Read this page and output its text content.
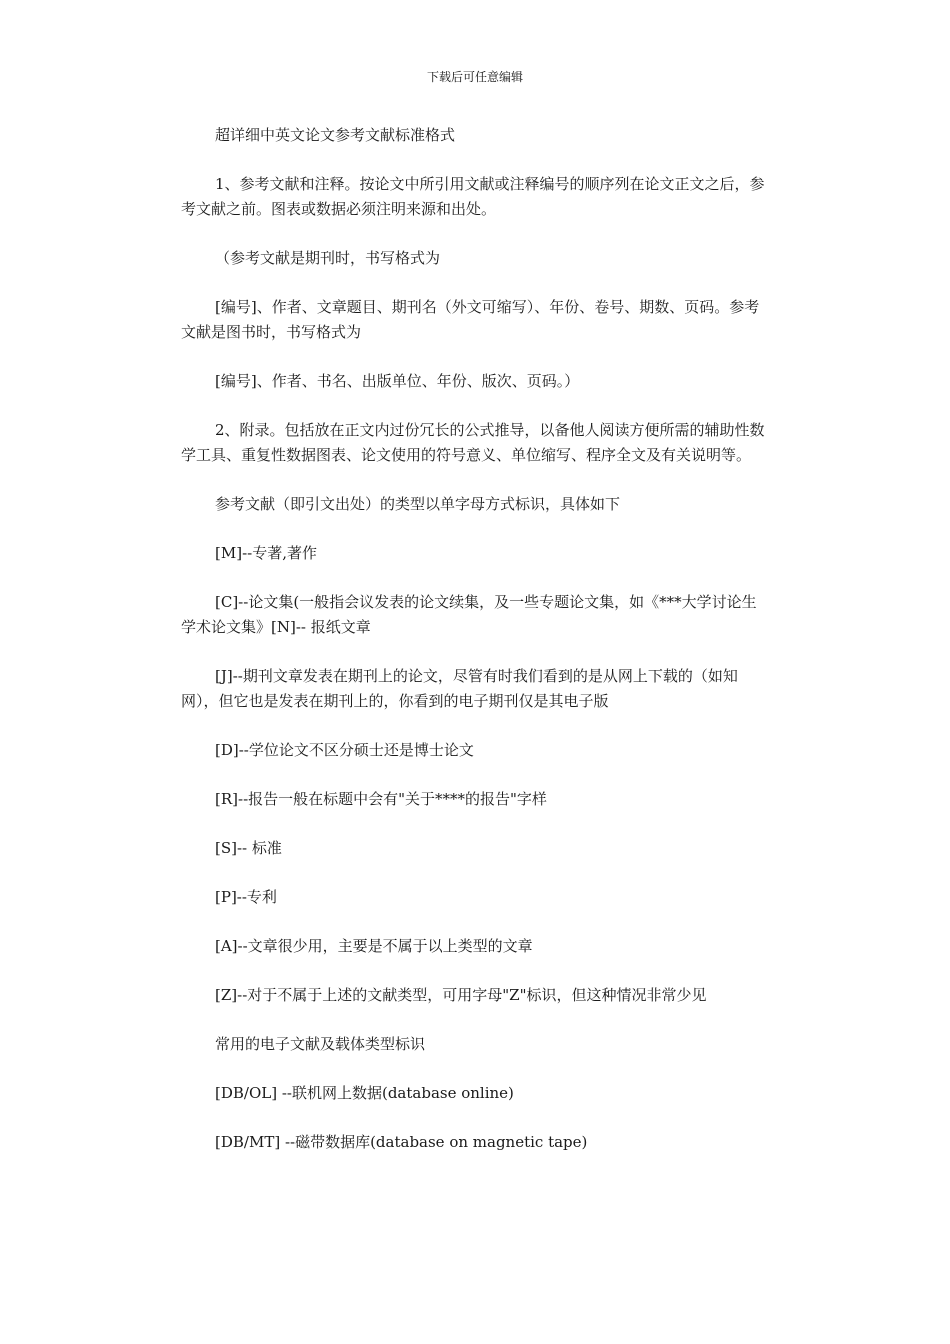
下载后可任意编辑

超详细中英文论文参考文献标准格式

1、参考文献和注释。按论文中所引用文献或注释编号的顺序列在论文正文之后，参考文献之前。图表或数据必须注明来源和出处。

（参考文献是期刊时，书写格式为

[编号]、作者、文章题目、期刊名（外文可缩写）、年份、卷号、期数、页码。参考文献是图书时，书写格式为

[编号]、作者、书名、出版单位、年份、版次、页码。）

2、附录。包括放在正文内过份冗长的公式推导，以备他人阅读方便所需的辅助性数学工具、重复性数据图表、论文使用的符号意义、单位缩写、程序全文及有关说明等。

参考文献（即引文出处）的类型以单字母方式标识，具体如下

[M]--专著,著作

[C]--论文集(一般指会议发表的论文续集，及一些专题论文集，如《***大学讨论生学术论文集》[N]-- 报纸文章

[J]--期刊文章发表在期刊上的论文，尽管有时我们看到的是从网上下载的（如知网），但它也是发表在期刊上的，你看到的电子期刊仅是其电子版

[D]--学位论文不区分硕士还是博士论文

[R]--报告一般在标题中会有"关于****的报告"字样

[S]-- 标准

[P]--专利

[A]--文章很少用，主要是不属于以上类型的文章

[Z]--对于不属于上述的文献类型，可用字母"Z"标识，但这种情况非常少见

常用的电子文献及载体类型标识

[DB/OL] --联机网上数据(database online)

[DB/MT] --磁带数据库(database on magnetic tape)
